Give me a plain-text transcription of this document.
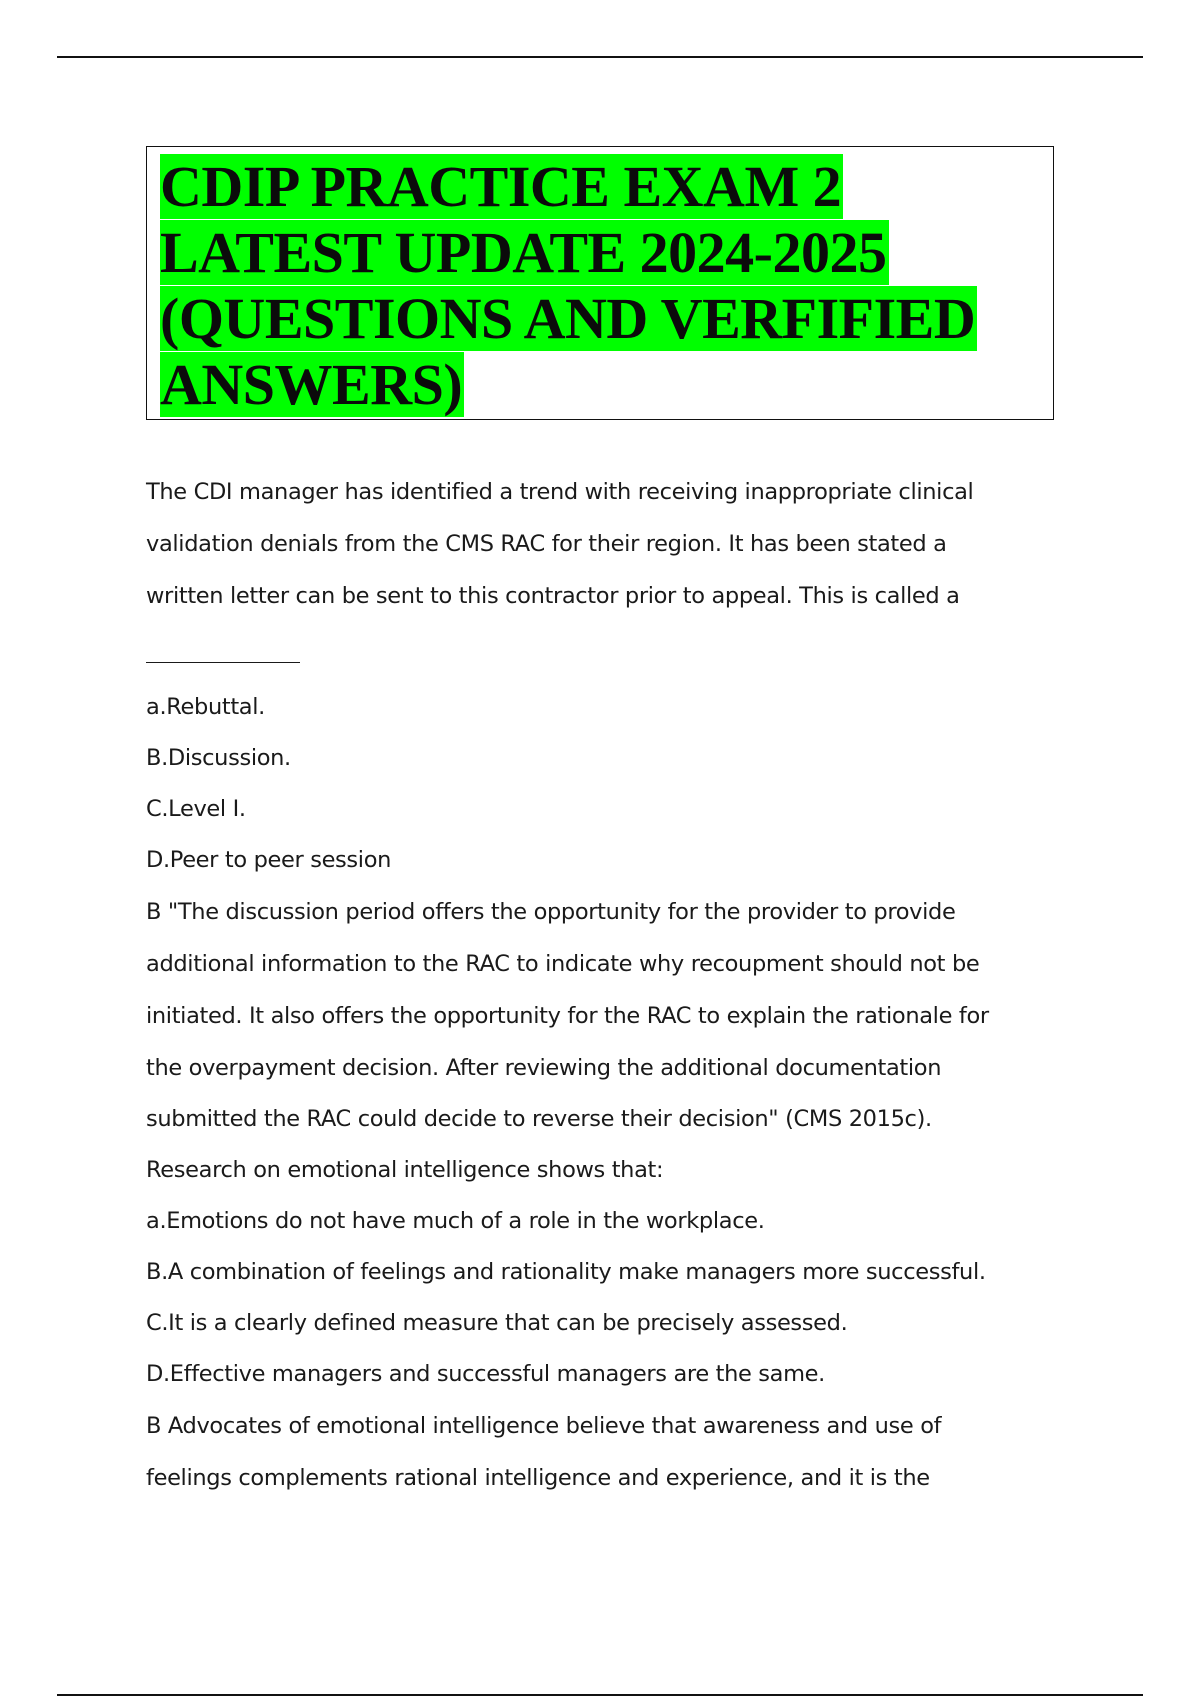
CDIP PRACTICE EXAM 2
LATEST UPDATE 2024-2025
(QUESTIONS AND VERFIFIED
ANSWERS)
The CDI manager has identified a trend with receiving inappropriate clinical
validation denials from the CMS RAC for their region. It has been stated a
written letter can be sent to this contractor prior to appeal. This is called a
a.Rebuttal.
B.Discussion.
C.Level I.
D.Peer to peer session
B "The discussion period offers the opportunity for the provider to provide
additional information to the RAC to indicate why recoupment should not be
initiated. It also offers the opportunity for the RAC to explain the rationale for
the overpayment decision. After reviewing the additional documentation
submitted the RAC could decide to reverse their decision" (CMS 2015c).
Research on emotional intelligence shows that:
a.Emotions do not have much of a role in the workplace.
B.A combination of feelings and rationality make managers more successful.
C.It is a clearly defined measure that can be precisely assessed.
D.Effective managers and successful managers are the same.
B Advocates of emotional intelligence believe that awareness and use of
feelings complements rational intelligence and experience, and it is the
